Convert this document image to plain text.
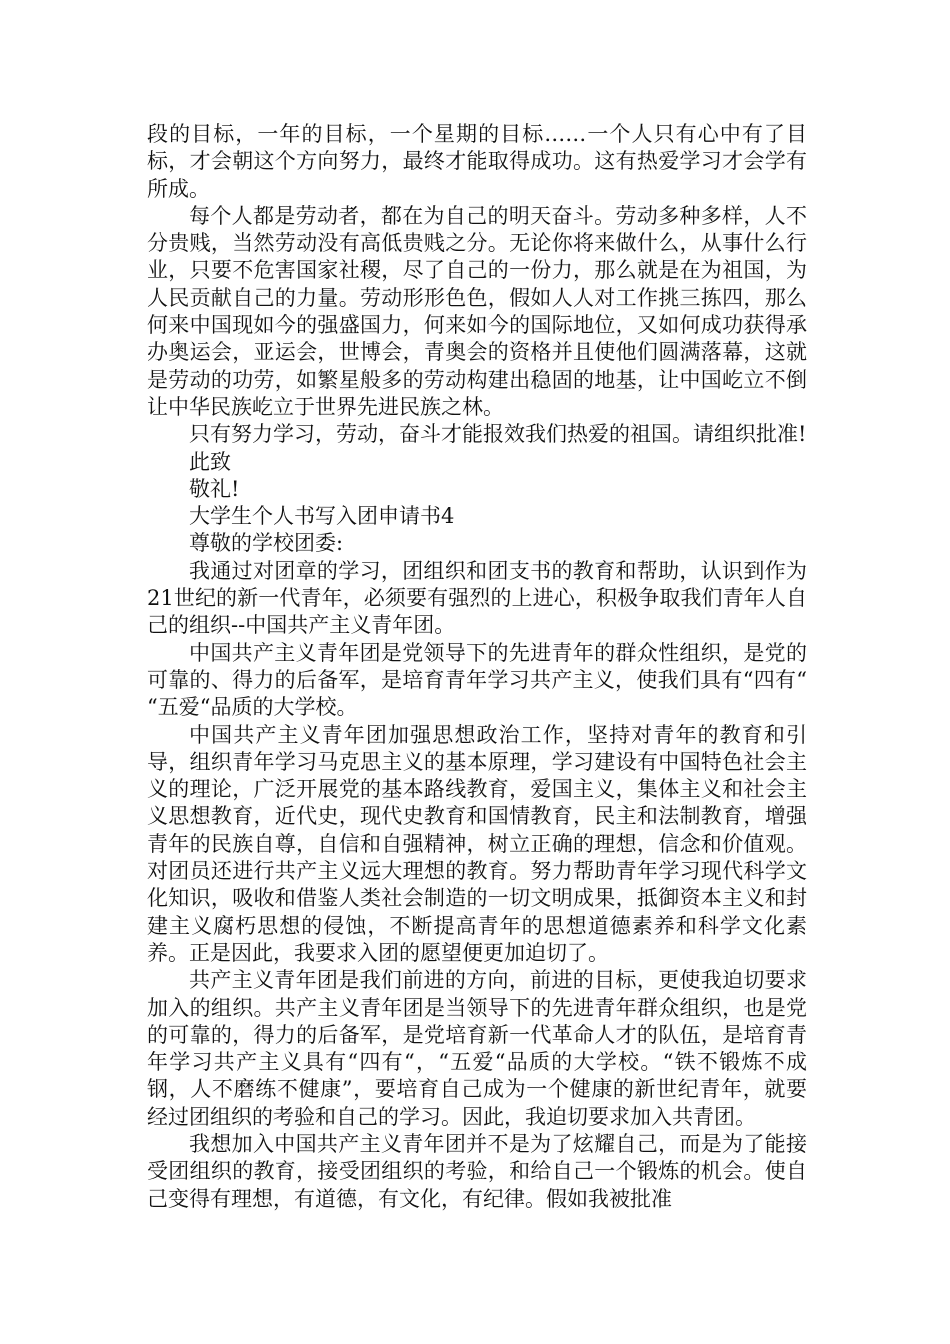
段的目标，一年的目标，一个星期的目标……一个人只有心中有了目标，才会朝这个方向努力，最终才能取得成功。这有热爱学习才会学有所成。

每个人都是劳动者，都在为自己的明天奋斗。劳动多种多样，人不分贵贱，当然劳动没有高低贵贱之分。无论你将来做什么，从事什么行业，只要不危害国家社稷，尽了自己的一份力，那么就是在为祖国，为人民贡献自己的力量。劳动形形色色，假如人人对工作挑三拣四，那么何来中国现如今的强盛国力，何来如今的国际地位，又如何成功获得承办奥运会，亚运会，世博会，青奥会的资格并且使他们圆满落幕，这就是劳动的功劳，如繁星般多的劳动构建出稳固的地基，让中国屹立不倒让中华民族屹立于世界先进民族之林。

只有努力学习，劳动，奋斗才能报效我们热爱的祖国。请组织批准!

此致

敬礼!

大学生个人书写入团申请书4

尊敬的学校团委:

我通过对团章的学习，团组织和团支书的教育和帮助，认识到作为21世纪的新一代青年，必须要有强烈的上进心，积极争取我们青年人自己的组织--中国共产主义青年团。

中国共产主义青年团是党领导下的先进青年的群众性组织，是党的可靠的、得力的后备军，是培育青年学习共产主义，使我们具有“四有“ “五爱“品质的大学校。

中国共产主义青年团加强思想政治工作，坚持对青年的教育和引导，组织青年学习马克思主义的基本原理，学习建设有中国特色社会主义的理论，广泛开展党的基本路线教育，爱国主义，集体主义和社会主义思想教育，近代史，现代史教育和国情教育，民主和法制教育，增强青年的民族自尊，自信和自强精神，树立正确的理想，信念和价值观。对团员还进行共产主义远大理想的教育。努力帮助青年学习现代科学文化知识，吸收和借鉴人类社会制造的一切文明成果，抵御资本主义和封建主义腐朽思想的侵蚀，不断提高青年的思想道德素养和科学文化素养。正是因此，我要求入团的愿望便更加迫切了。

共产主义青年团是我们前进的方向，前进的目标，更使我迫切要求加入的组织。共产主义青年团是当领导下的先进青年群众组织，也是党的可靠的，得力的后备军，是党培育新一代革命人才的队伍，是培育青年学习共产主义具有“四有“，“五爱“品质的大学校。“铁不锻炼不成钢，人不磨练不健康”，要培育自己成为一个健康的新世纪青年，就要经过团组织的考验和自己的学习。因此，我迫切要求加入共青团。

我想加入中国共产主义青年团并不是为了炫耀自己，而是为了能接受团组织的教育，接受团组织的考验，和给自己一个锻炼的机会。使自己变得有理想，有道德，有文化，有纪律。假如我被批准
